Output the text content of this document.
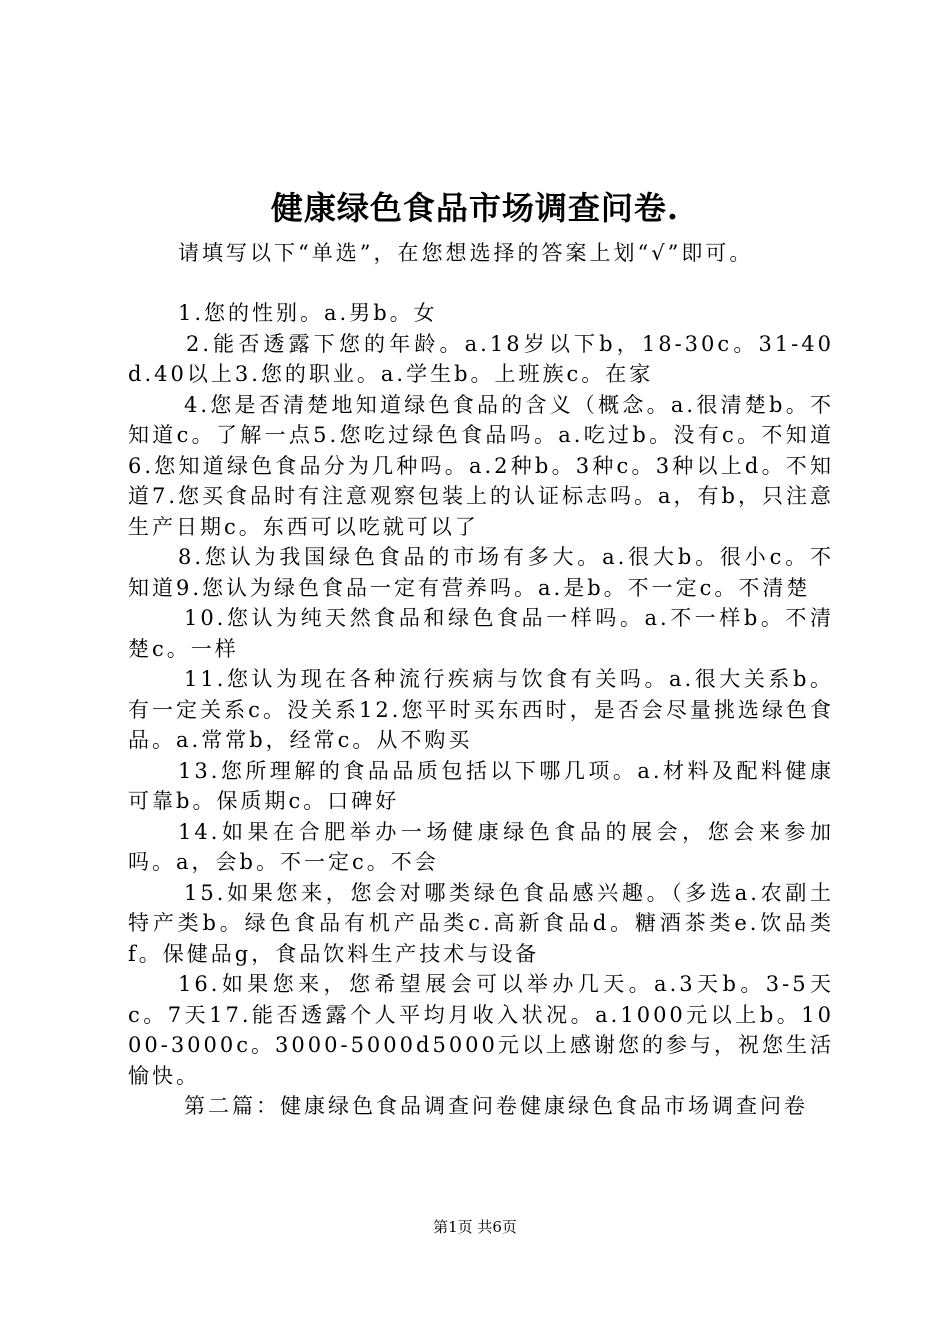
健康绿色食品市场调查问卷.
请填写以下“单选”，在您想选择的答案上划“√”即可。

1.您的性别。a.男b。女

2.能否透露下您的年龄。a.18岁以下b，18-30c。31-40d.40以上3.您的职业。a.学生b。上班族c。在家

4.您是否清楚地知道绿色食品的含义（概念。a.很清楚b。不知道c。了解一点5.您吃过绿色食品吗。a.吃过b。没有c。不知道6.您知道绿色食品分为几种吗。a.2种b。3种c。3种以上d。不知道7.您买食品时有注意观察包装上的认证标志吗。a，有b，只注意生产日期c。东西可以吃就可以了

8.您认为我国绿色食品的市场有多大。a.很大b。很小c。不知道9.您认为绿色食品一定有营养吗。a.是b。不一定c。不清楚

10.您认为纯天然食品和绿色食品一样吗。a.不一样b。不清楚c。一样

11.您认为现在各种流行疾病与饮食有关吗。a.很大关系b。有一定关系c。没关系12.您平时买东西时，是否会尽量挑选绿色食品。a.常常b，经常c。从不购买

13.您所理解的食品品质包括以下哪几项。a.材料及配料健康可靠b。保质期c。口碑好

14.如果在合肥举办一场健康绿色食品的展会，您会来参加吗。a，会b。不一定c。不会

15.如果您来，您会对哪类绿色食品感兴趣。（多选a.农副土特产类b。绿色食品有机产品类c.高新食品d。糖酒茶类e.饮品类f。保健品g，食品饮料生产技术与设备

16.如果您来，您希望展会可以举办几天。a.3天b。3-5天c。7天17.能否透露个人平均月收入状况。a.1000元以上b。1000-3000c。3000-5000d5000元以上感谢您的参与，祝您生活愉快。

第二篇：健康绿色食品调查问卷健康绿色食品市场调查问卷

第1页 共6页
